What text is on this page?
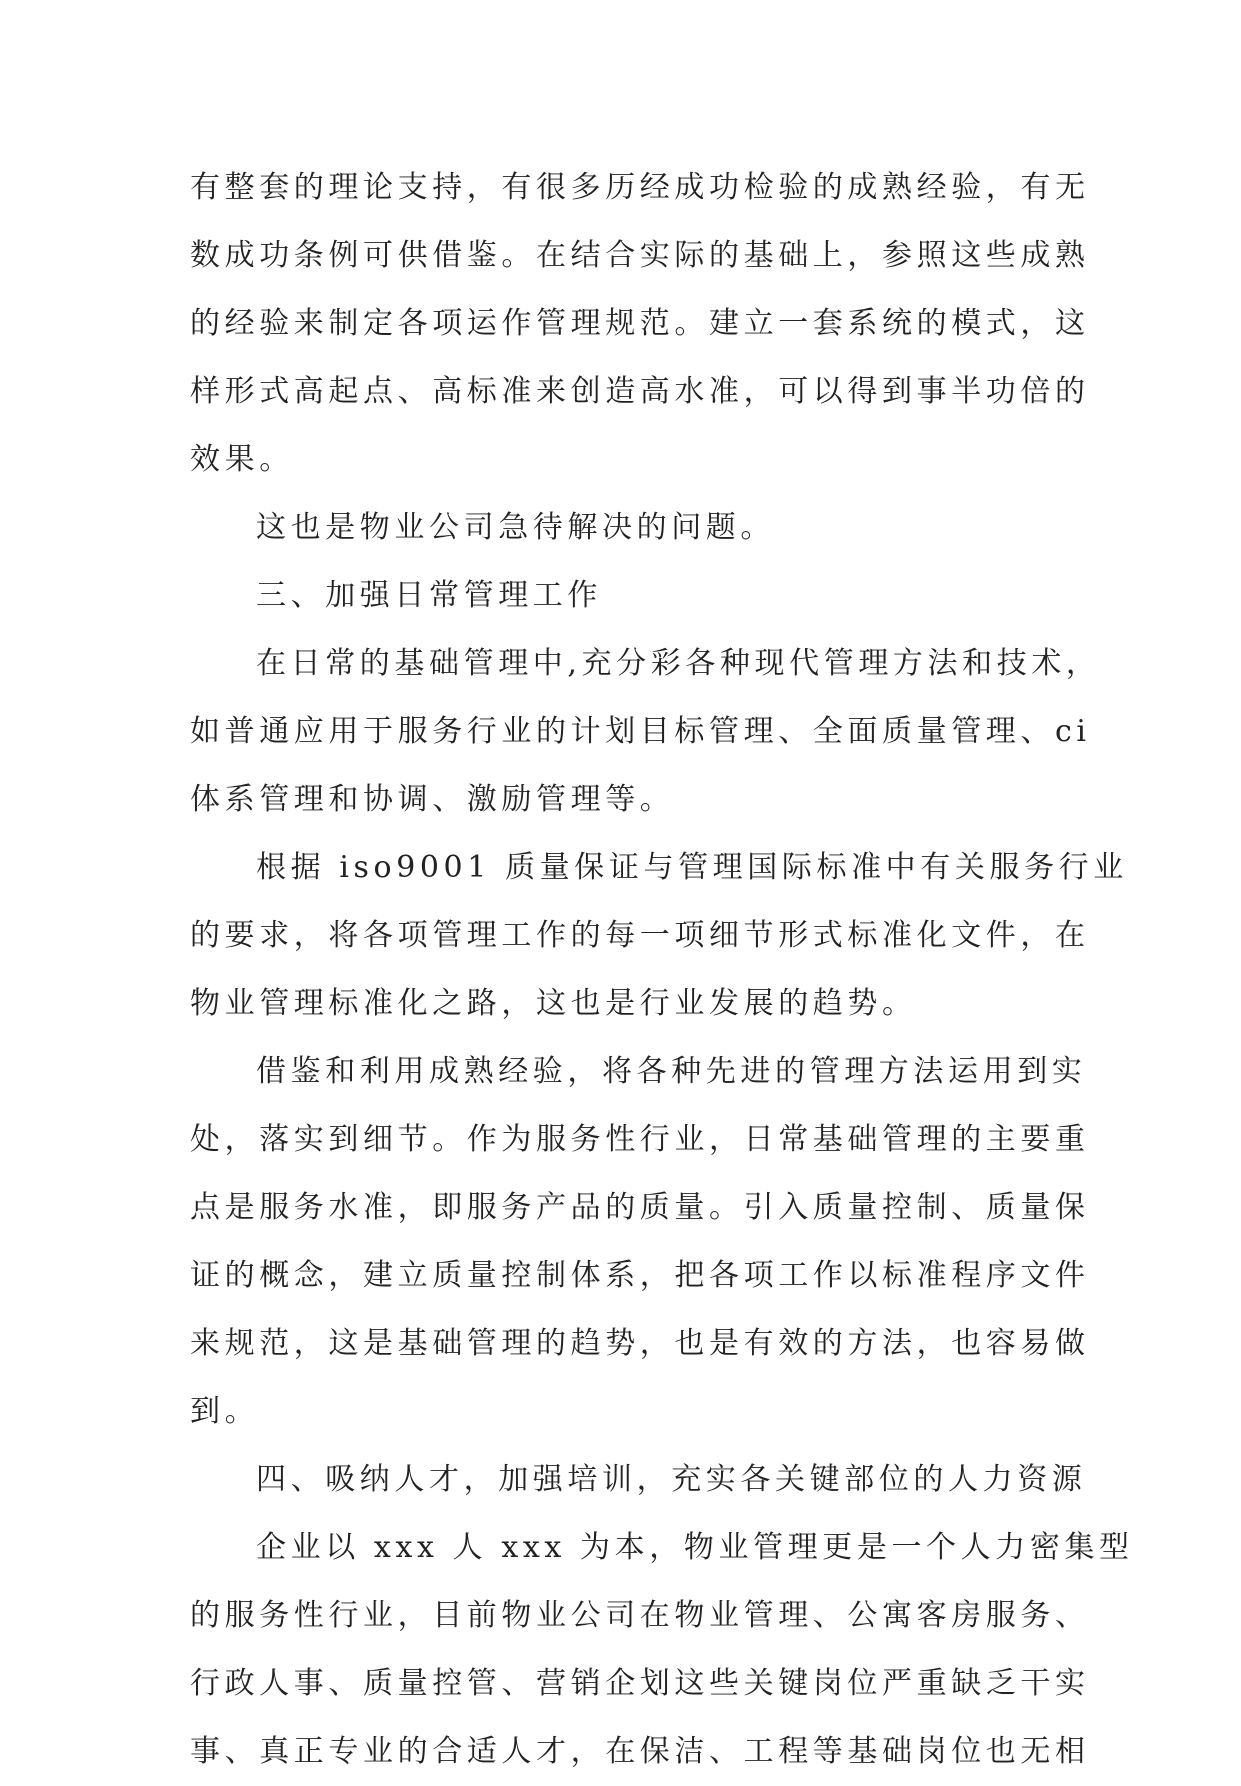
有整套的理论支持，有很多历经成功检验的成熟经验，有无
数成功条例可供借鉴。在结合实际的基础上，参照这些成熟
的经验来制定各项运作管理规范。建立一套系统的模式，这
样形式高起点、高标准来创造高水准，可以得到事半功倍的
效果。
这也是物业公司急待解决的问题。
三、加强日常管理工作
在日常的基础管理中,充分彩各种现代管理方法和技术，
如普通应用于服务行业的计划目标管理、全面质量管理、ci
体系管理和协调、激励管理等。
根据 iso9001 质量保证与管理国际标准中有关服务行业
的要求，将各项管理工作的每一项细节形式标准化文件，在
物业管理标准化之路，这也是行业发展的趋势。
借鉴和利用成熟经验，将各种先进的管理方法运用到实
处，落实到细节。作为服务性行业，日常基础管理的主要重
点是服务水准，即服务产品的质量。引入质量控制、质量保
证的概念，建立质量控制体系，把各项工作以标准程序文件
来规范，这是基础管理的趋势，也是有效的方法，也容易做
到。
四、吸纳人才，加强培训，充实各关键部位的人力资源
企业以 xxx 人 xxx 为本，物业管理更是一个人力密集型
的服务性行业，目前物业公司在物业管理、公寓客房服务、
行政人事、质量控管、营销企划这些关键岗位严重缺乏干实
事、真正专业的合适人才，在保洁、工程等基础岗位也无相
